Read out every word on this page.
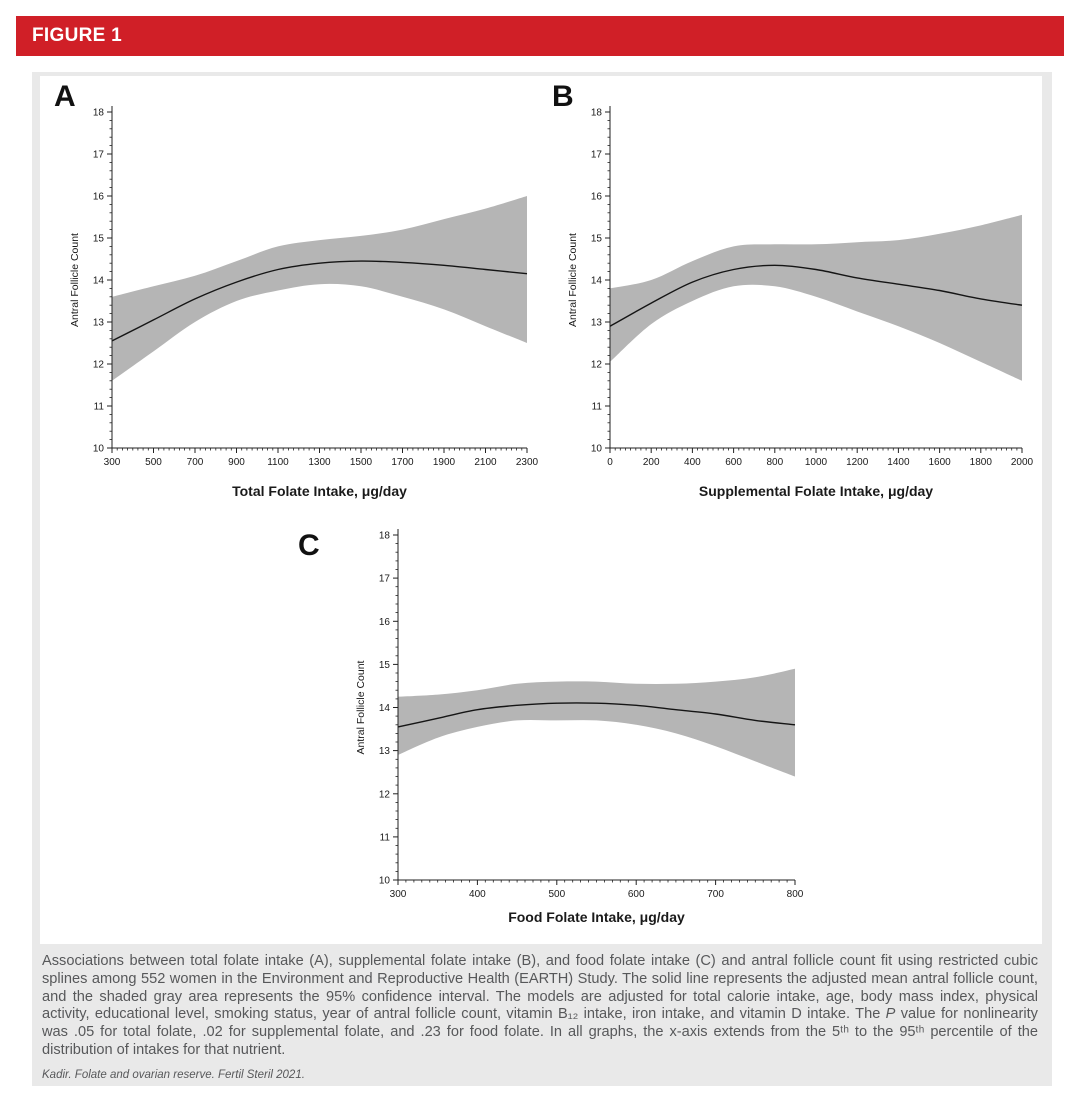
FIGURE 1
A	B
C
10
11
12
13
14
15
16
17
18
300 500 700 900 1100 1300 1500 1700 1900 2100 2300
Antral Follicle Count
Total Folate Intake, μg/day
10
11
12
13
14
15
16
17
18
0	200 400 600 800 1000 1200 1400 1600 1800 2000
Antral Follicle Count
Supplemental Folate Intake, μg/day
10
11
12
13
14
15
16
17
18
300	400	500	600	700	800
Antral Follicle Count
Food Folate Intake, μg/day

Associations between total folate intake (A), supplemental folate intake (B), and food folate intake (C) and antral follicle count fit using restricted cubic splines among 552 women in the Environment and Reproductive Health (EARTH) Study. The solid line represents the adjusted mean antral follicle count, and the shaded gray area represents the 95% confidence interval. The models are adjusted for total calorie intake, age, body mass index, physical activity, educational level, smoking status, year of antral follicle count, vitamin B₁₂ intake, iron intake, and vitamin D intake. The P value for nonlinearity was .05 for total folate, .02 for supplemental folate, and .23 for food folate. In all graphs, the x-axis extends from the 5ᵗʰ to the 95ᵗʰ percentile of the distribution of intakes for that nutrient.

Kadir. Folate and ovarian reserve. Fertil Steril 2021.
